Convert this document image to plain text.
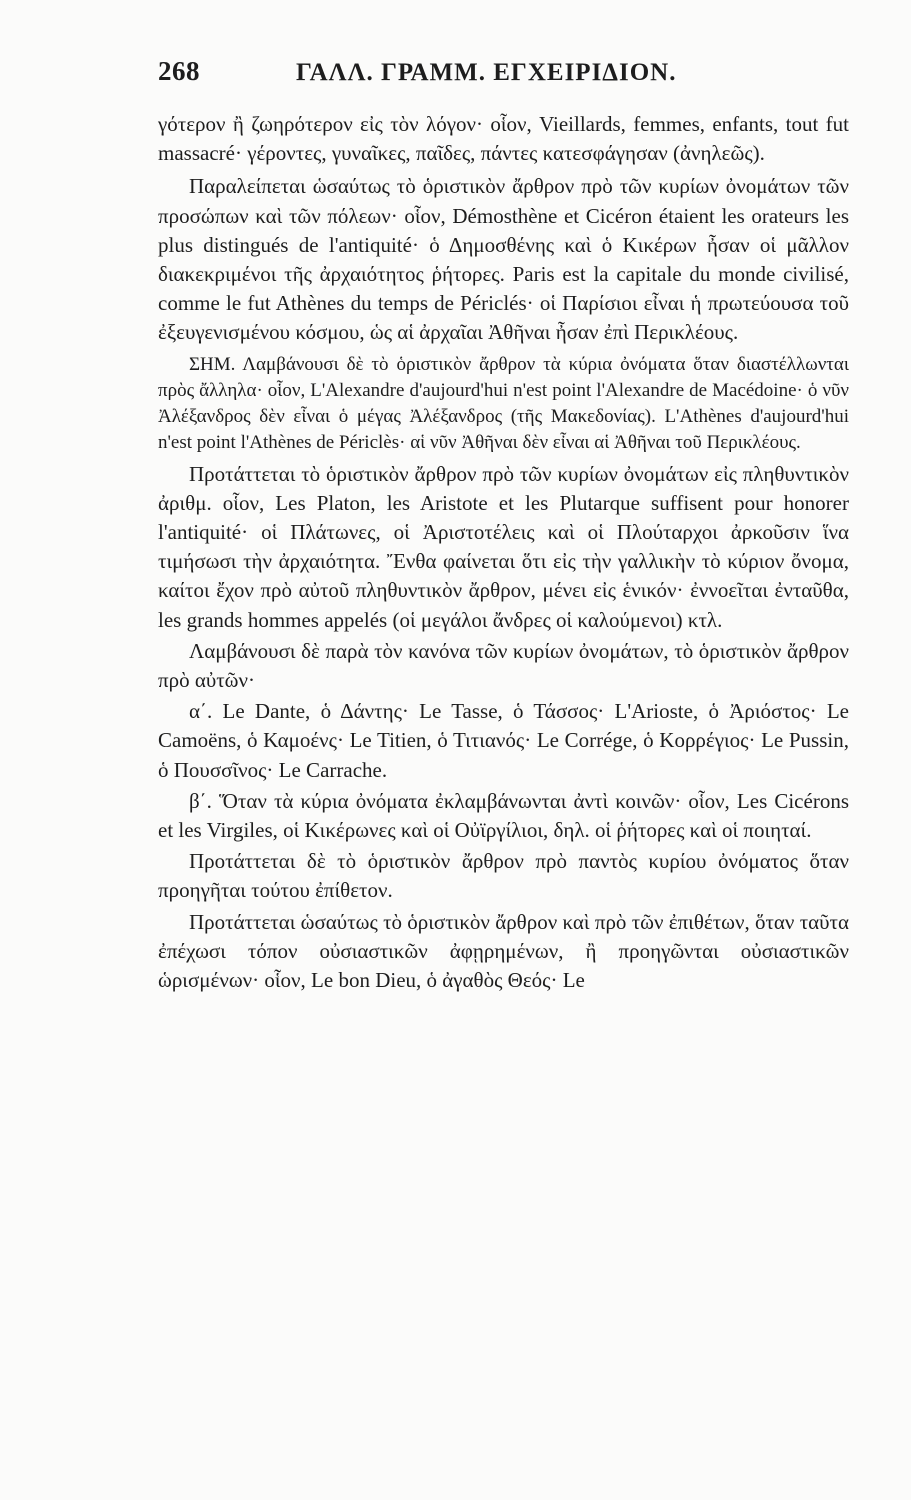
268	ΓΑΛΛ. ΓΡΑΜΜ. ΕΓΧΕΙΡΙΔΙΟΝ.

γότερον ἢ ζωηρότερον εἰς τὸν λόγον· οἷον, Vieillards, femmes, enfants, tout fut massacré· γέροντες, γυναῖκες, παῖδες, πάντες κατεσφάγησαν (ἀνηλεῶς).

Παραλείπεται ὡσαύτως τὸ ὁριστικὸν ἄρθρον πρὸ τῶν κυρίων ὀνομάτων τῶν προσώπων καὶ τῶν πόλεων· οἷον, Démosthène et Cicéron étaient les orateurs les plus distingués de l'antiquité· ὁ Δημοσθένης καὶ ὁ Κικέρων ἦσαν οἱ μᾶλλον διακεκριμένοι τῆς ἀρχαιότητος ῥήτορες. Paris est la capitale du monde civilisé, comme le fut Athènes du temps de Périclés· οἱ Παρίσιοι εἶναι ἡ πρωτεύουσα τοῦ ἐξευγενισμένου κόσμου, ὡς αἱ ἀρχαῖαι Ἀθῆναι ἦσαν ἐπὶ Περικλέους.

ΣΗΜ. Λαμβάνουσι δὲ τὸ ὁριστικὸν ἄρθρον τὰ κύρια ὀνόματα ὅταν διαστέλλωνται πρὸς ἄλληλα· οἷον, L'Alexandre d'aujourd'hui n'est point l'Alexandre de Macédoine· ὁ νῦν Ἀλέξανδρος δὲν εἶναι ὁ μέγας Ἀλέξανδρος (τῆς Μακεδονίας). L'Athènes d'aujourd'hui n'est point l'Athènes de Périclès· αἱ νῦν Ἀθῆναι δὲν εἶναι αἱ Ἀθῆναι τοῦ Περικλέους.

Προτάττεται τὸ ὁριστικὸν ἄρθρον πρὸ τῶν κυρίων ὀνομάτων εἰς πληθυντικὸν ἀριθμ. οἷον, Les Platon, les Aristote et les Plutarque suffisent pour honorer l'antiquité· οἱ Πλάτωνες, οἱ Ἀριστοτέλεις καὶ οἱ Πλούταρχοι ἀρκοῦσιν ἵνα τιμήσωσι τὴν ἀρχαιότητα. Ἔνθα φαίνεται ὅτι εἰς τὴν γαλλικὴν τὸ κύριον ὄνομα, καίτοι ἔχον πρὸ αὐτοῦ πληθυντικὸν ἄρθρον, μένει εἰς ἑνικόν· ἐννοεῖται ἐνταῦθα, les grands hommes appelés (οἱ μεγάλοι ἄνδρες οἱ καλούμενοι) κτλ.

Λαμβάνουσι δὲ παρὰ τὸν κανόνα τῶν κυρίων ὀνομάτων, τὸ ὁριστικὸν ἄρθρον πρὸ αὐτῶν·

α΄. Le Dante, ὁ Δάντης· Le Tasse, ὁ Τάσσος· L'Arioste, ὁ Ἀριόστος· Le Camoëns, ὁ Καμοένς· Le Titien, ὁ Τιτιανός· Le Corrége, ὁ Κορρέγιος· Le Pussin, ὁ Πουσσῖνος· Le Carrache.

β΄. Ὅταν τὰ κύρια ὀνόματα ἐκλαμβάνωνται ἀντὶ κοινῶν· οἷον, Les Cicérons et les Virgiles, οἱ Κικέρωνες καὶ οἱ Οὐϊργίλιοι, δηλ. οἱ ῥήτορες καὶ οἱ ποιηταί.

Προτάττεται δὲ τὸ ὁριστικὸν ἄρθρον πρὸ παντὸς κυρίου ὀνόματος ὅταν προηγῆται τούτου ἐπίθετον.

Προτάττεται ὡσαύτως τὸ ὁριστικὸν ἄρθρον καὶ πρὸ τῶν ἐπιθέτων, ὅταν ταῦτα ἐπέχωσι τόπον οὐσιαστικῶν ἀφῃρημένων, ἢ προηγῶνται οὐσιαστικῶν ὡρισμένων· οἷον, Le bon Dieu, ὁ ἀγαθὸς Θεός· Le
